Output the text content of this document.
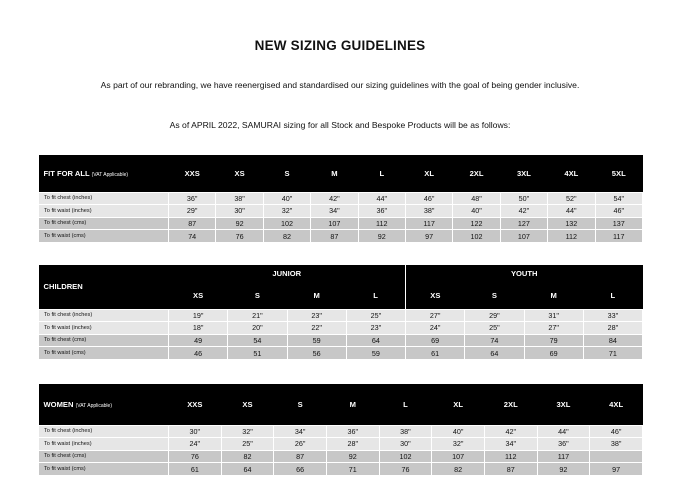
NEW SIZING GUIDELINES
As part of our rebranding, we have reenergised and standardised our sizing guidelines with the goal of being gender inclusive.
As of APRIL 2022, SAMURAI sizing for all Stock and Bespoke Products will be as follows:
FIT FOR ALL (VAT Applicable)	XXS	XS	S	M	L	XL	2XL	3XL	4XL	5XL
To fit chest (inches)	36"	38"	40"	42"	44"	46"	48"	50"	52"	54"
To fit waist (inches)	29"	30"	32"	34"	36"	38"	40"	42"	44"	46"
To fit chest (cms)	87	92	102	107	112	117	122	127	132	137
To fit waist (cms)	74	76	82	87	92	97	102	107	112	117
CHILDREN	JUNIOR				YOUTH			
	XS	S	M	L	XS	S	M	L
To fit chest (inches)	19"	21"	23"	25"	27"	29"	31"	33"
To fit waist (inches)	18"	20"	22"	23"	24"	25"	27"	28"
To fit chest (cms)	49	54	59	64	69	74	79	84
To fit waist (cms)	46	51	56	59	61	64	69	71
WOMEN (VAT Applicable)	XXS	XS	S	M	L	XL	2XL	3XL	4XL
To fit chest (inches)	30"	32"	34"	36"	38"	40"	42"	44"	46"
To fit waist (inches)	24"	25"	26"	28"	30"	32"	34"	36"	38"
To fit chest (cms)	76	82	87	92	102	107	112	117	
To fit waist (cms)	61	64	66	71	76	82	87	92	97
